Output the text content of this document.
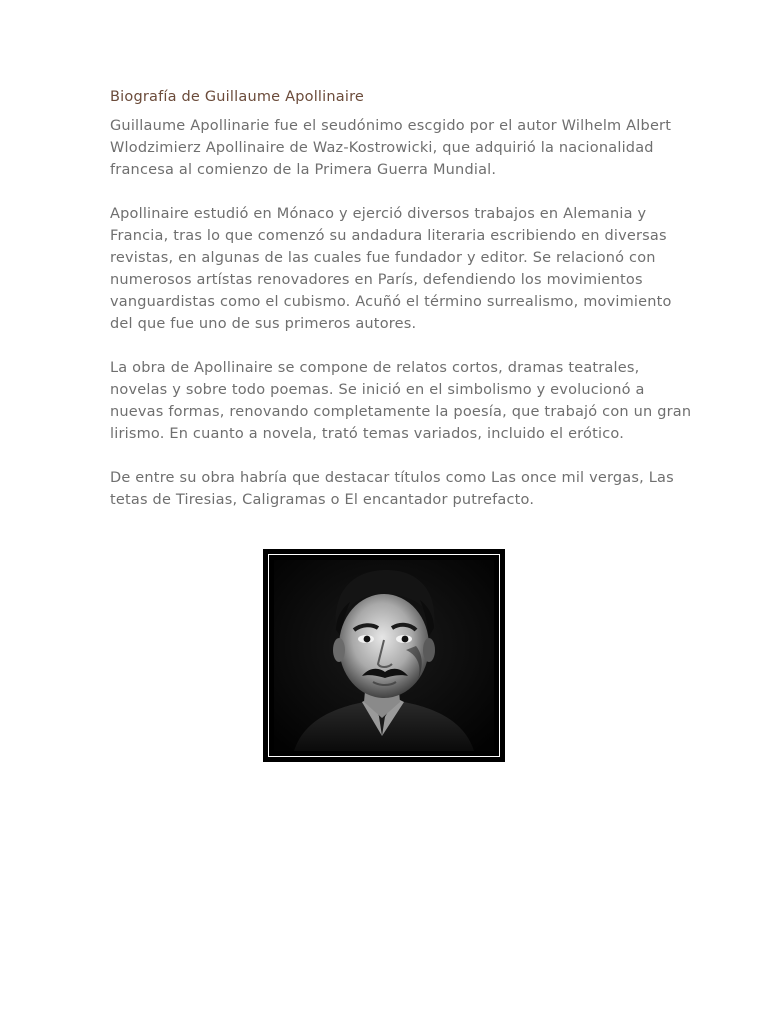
Biografía de Guillaume Apollinaire

Guillaume Apollinarie fue el seudónimo escgido por el autor Wilhelm Albert
Wlodzimierz Apollinaire de Waz-Kostrowicki, que adquirió la nacionalidad
francesa al comienzo de la Primera Guerra Mundial.

Apollinaire estudió en Mónaco y ejerció diversos trabajos en Alemania y
Francia, tras lo que comenzó su andadura literaria escribiendo en diversas
revistas, en algunas de las cuales fue fundador y editor. Se relacionó con
numerosos artístas renovadores en París, defendiendo los movimientos
vanguardistas como el cubismo. Acuñó el término surrealismo, movimiento
del que fue uno de sus primeros autores.

La obra de Apollinaire se compone de relatos cortos, dramas teatrales,
novelas y sobre todo poemas. Se inició en el simbolismo y evolucionó a
nuevas formas, renovando completamente la poesía, que trabajó con un gran
lirismo. En cuanto a novela, trató temas variados, incluido el erótico.

De entre su obra habría que destacar títulos como Las once mil vergas, Las
tetas de Tiresias, Caligramas o El encantador putrefacto.
